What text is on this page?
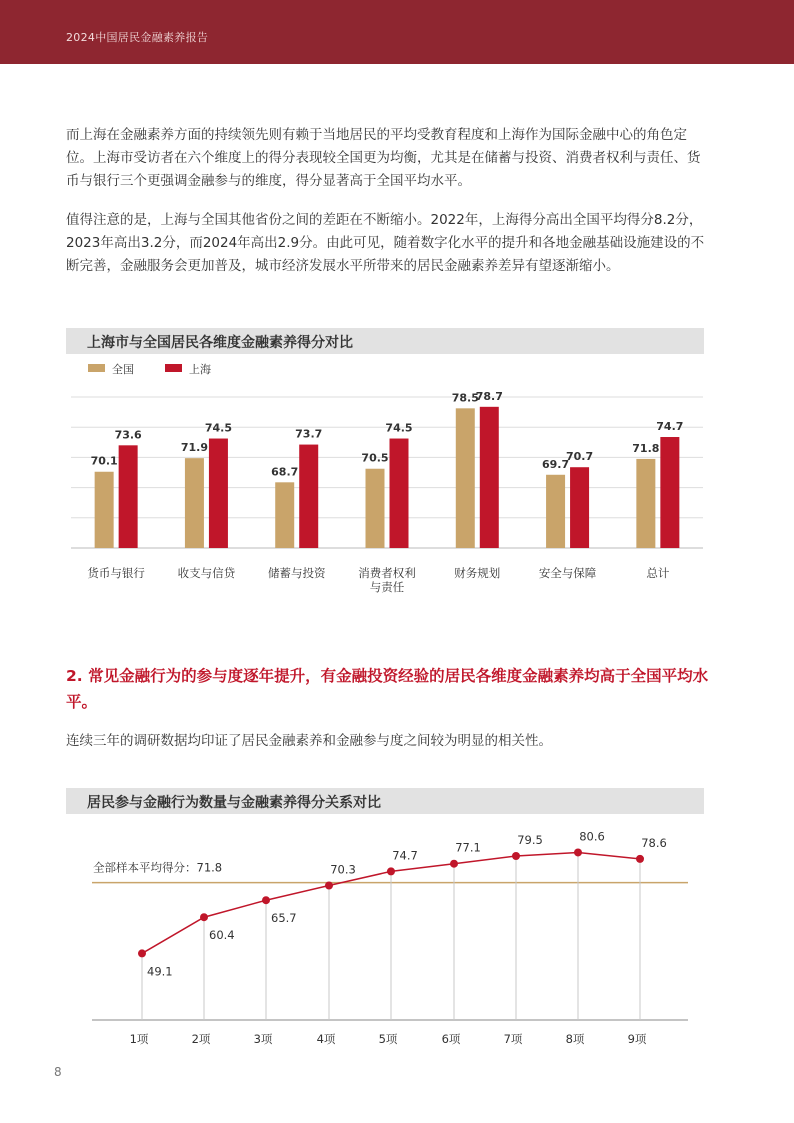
2024中国居民金融素养报告

而上海在金融素养方面的持续领先则有赖于当地居民的平均受教育程度和上海作为国际金融中心的角色定位。上海市受访者在六个维度上的得分表现较全国更为均衡，尤其是在储蓄与投资、消费者权利与责任、货币与银行三个更强调金融参与的维度，得分显著高于全国平均水平。

值得注意的是，上海与全国其他省份之间的差距在不断缩小。2022年，上海得分高出全国平均得分8.2分，2023年高出3.2分，而2024年高出2.9分。由此可见，随着数字化水平的提升和各地金融基础设施建设的不断完善，金融服务会更加普及，城市经济发展水平所带来的居民金融素养差异有望逐渐缩小。

上海市与全国居民各维度金融素养得分对比
全国	上海
70.1
73.6
货币与银行
71.9
74.5
收支与信贷
68.7
73.7
储蓄与投资
70.5
74.5
消费者权利
与责任
78.5
78.7
财务规划
69.7
70.7
安全与保障
71.8
74.7
总计

2. 常见金融行为的参与度逐年提升，有金融投资经验的居民各维度金融素养均高于全国平均水平。

连续三年的调研数据均印证了居民金融素养和金融参与度之间较为明显的相关性。

居民参与金融行为数量与金融素养得分关系对比
全部样本平均得分：71.8
49.1
1项
60.4
2项
65.7
3项
70.3
4项
74.7
5项
77.1
6项
79.5
7项
80.6
8项
78.6
9项
8
